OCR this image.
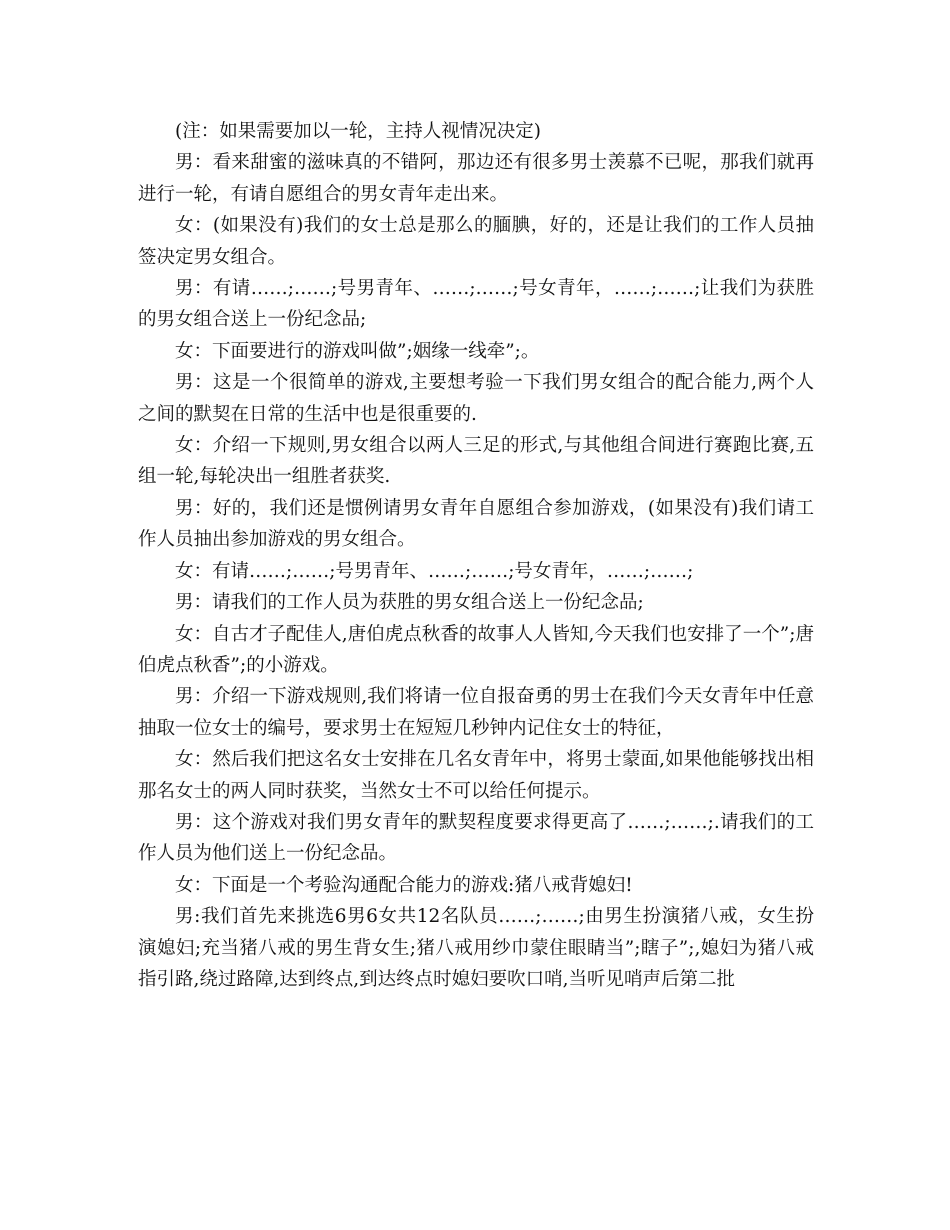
(注：如果需要加以一轮，主持人视情况决定)

男：看来甜蜜的滋味真的不错阿，那边还有很多男士羡慕不已呢，那我们就再进行一轮，有请自愿组合的男女青年走出来。

女：(如果没有)我们的女士总是那么的腼腆，好的，还是让我们的工作人员抽签决定男女组合。

男：有请……;……;号男青年、……;……;号女青年，……;……;让我们为获胜的男女组合送上一份纪念品;

女：下面要进行的游戏叫做”;姻缘一线牵”;。

男：这是一个很简单的游戏,主要想考验一下我们男女组合的配合能力,两个人之间的默契在日常的生活中也是很重要的.

女：介绍一下规则,男女组合以两人三足的形式,与其他组合间进行赛跑比赛,五组一轮,每轮决出一组胜者获奖.

男：好的，我们还是惯例请男女青年自愿组合参加游戏，(如果没有)我们请工作人员抽出参加游戏的男女组合。

女：有请……;……;号男青年、……;……;号女青年，……;……;

男：请我们的工作人员为获胜的男女组合送上一份纪念品;

女：自古才子配佳人,唐伯虎点秋香的故事人人皆知,今天我们也安排了一个”;唐伯虎点秋香”;的小游戏。

男：介绍一下游戏规则,我们将请一位自报奋勇的男士在我们今天女青年中任意抽取一位女士的编号，要求男士在短短几秒钟内记住女士的特征，

女：然后我们把这名女士安排在几名女青年中，将男士蒙面,如果他能够找出相那名女士的两人同时获奖，当然女士不可以给任何提示。

男：这个游戏对我们男女青年的默契程度要求得更高了……;……;.请我们的工作人员为他们送上一份纪念品。

女：下面是一个考验沟通配合能力的游戏:猪八戒背媳妇!

男:我们首先来挑选6男6女共12名队员……;……;由男生扮演猪八戒，女生扮演媳妇;充当猪八戒的男生背女生;猪八戒用纱巾蒙住眼睛当”;瞎子”;,媳妇为猪八戒指引路,绕过路障,达到终点,到达终点时媳妇要吹口哨,当听见哨声后第二批
